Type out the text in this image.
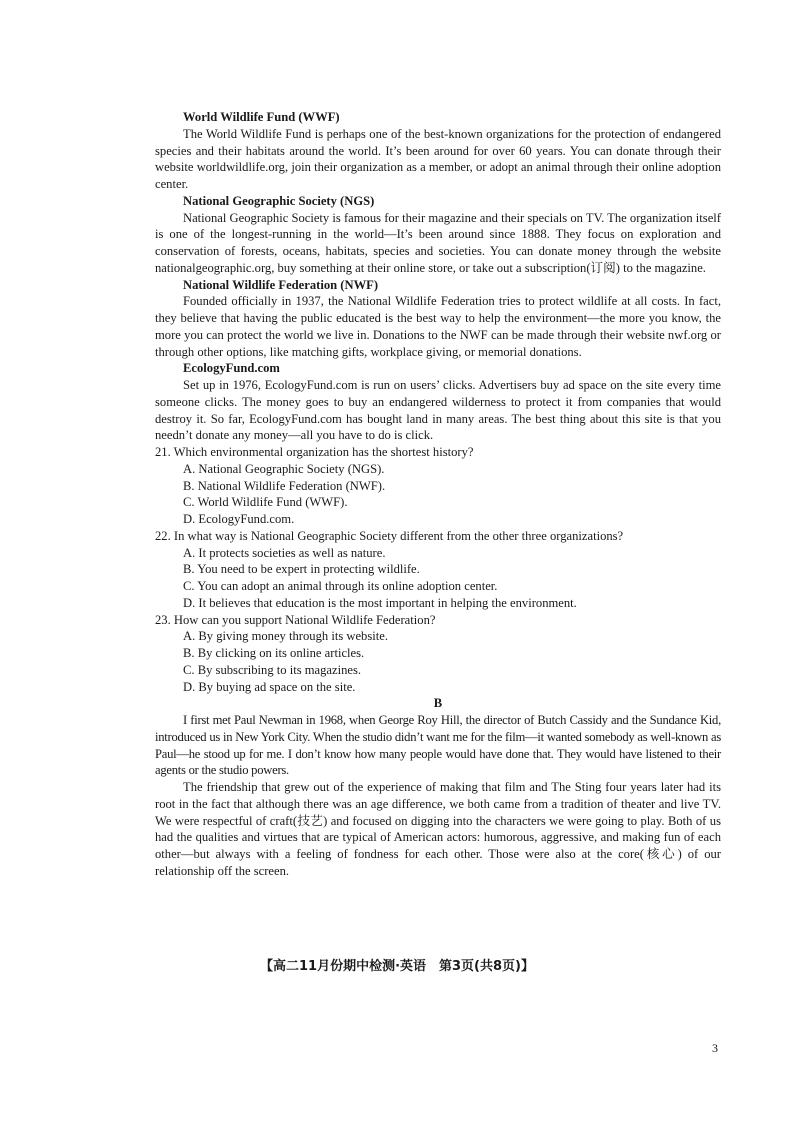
World Wildlife Fund (WWF)

The World Wildlife Fund is perhaps one of the best-known organizations for the protection of endangered species and their habitats around the world. It’s been around for over 60 years. You can donate through their website worldwildlife.org, join their organization as a member, or adopt an animal through their online adoption center.

National Geographic Society (NGS)

National Geographic Society is famous for their magazine and their specials on TV. The organization itself is one of the longest-running in the world—It’s been around since 1888. They focus on exploration and conservation of forests, oceans, habitats, species and societies. You can donate money through the website nationalgeographic.org, buy something at their online store, or take out a subscription(订阅) to the magazine.

National Wildlife Federation (NWF)

Founded officially in 1937, the National Wildlife Federation tries to protect wildlife at all costs. In fact, they believe that having the public educated is the best way to help the environment—the more you know, the more you can protect the world we live in. Donations to the NWF can be made through their website nwf.org or through other options, like matching gifts, workplace giving, or memorial donations.

EcologyFund.com

Set up in 1976, EcologyFund.com is run on users’ clicks. Advertisers buy ad space on the site every time someone clicks. The money goes to buy an endangered wilderness to protect it from companies that would destroy it. So far, EcologyFund.com has bought land in many areas. The best thing about this site is that you needn’t donate any money—all you have to do is click.

21. Which environmental organization has the shortest history?

A. National Geographic Society (NGS).

B. National Wildlife Federation (NWF).

C. World Wildlife Fund (WWF).

D. EcologyFund.com.

22. In what way is National Geographic Society different from the other three organizations?

A. It protects societies as well as nature.

B. You need to be expert in protecting wildlife.

C. You can adopt an animal through its online adoption center.

D. It believes that education is the most important in helping the environment.

23. How can you support National Wildlife Federation?

A. By giving money through its website.

B. By clicking on its online articles.

C. By subscribing to its magazines.

D. By buying ad space on the site.

B

I first met Paul Newman in 1968, when George Roy Hill, the director of Butch Cassidy and the Sundance Kid, introduced us in New York City. When the studio didn’t want me for the film—it wanted somebody as well-known as Paul—he stood up for me. I don’t know how many people would have done that. They would have listened to their agents or the studio powers.

The friendship that grew out of the experience of making that film and The Sting four years later had its root in the fact that although there was an age difference, we both came from a tradition of theater and live TV. We were respectful of craft(技艺) and focused on digging into the characters we were going to play. Both of us had the qualities and virtues that are typical of American actors: humorous, aggressive, and making fun of each other—but always with a feeling of fondness for each other. Those were also at the core(核心) of our relationship off the screen.

【高二11月份期中检测·英语　第3页(共8页)】
3
